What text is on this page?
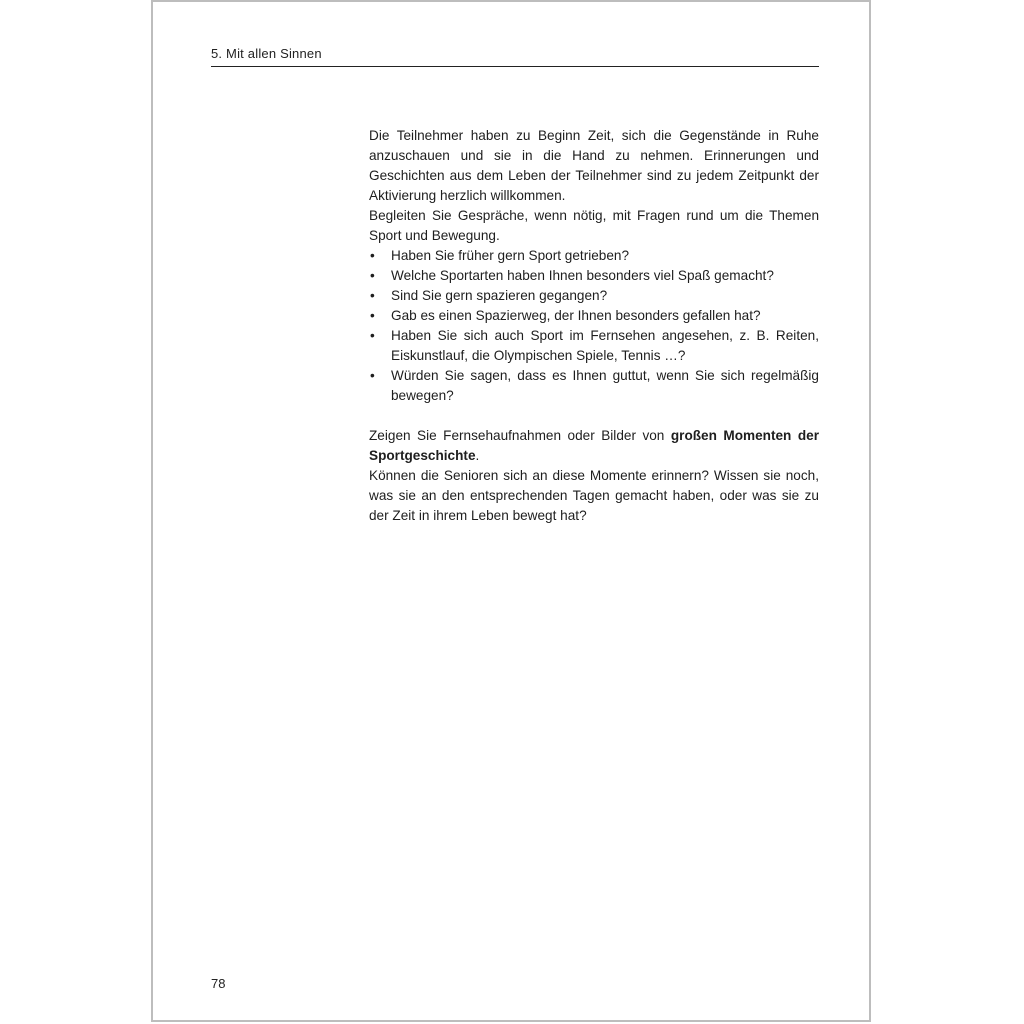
5. Mit allen Sinnen

Die Teilnehmer haben zu Beginn Zeit, sich die Gegenstände in Ruhe anzuschauen und sie in die Hand zu nehmen. Erinnerungen und Geschichten aus dem Leben der Teilnehmer sind zu jedem Zeitpunkt der Aktivierung herzlich willkommen.

Begleiten Sie Gespräche, wenn nötig, mit Fragen rund um die Themen Sport und Bewegung.

• Haben Sie früher gern Sport getrieben?
• Welche Sportarten haben Ihnen besonders viel Spaß gemacht?
• Sind Sie gern spazieren gegangen?
• Gab es einen Spazierweg, der Ihnen besonders gefallen hat?
• Haben Sie sich auch Sport im Fernsehen angesehen, z. B. Reiten, Eiskunstlauf, die Olympischen Spiele, Tennis …?
• Würden Sie sagen, dass es Ihnen guttut, wenn Sie sich regelmäßig bewegen?

Zeigen Sie Fernsehaufnahmen oder Bilder von großen Momenten der Sportgeschichte.

Können die Senioren sich an diese Momente erinnern? Wissen sie noch, was sie an den entsprechenden Tagen gemacht haben, oder was sie zu der Zeit in ihrem Leben bewegt hat?

78
